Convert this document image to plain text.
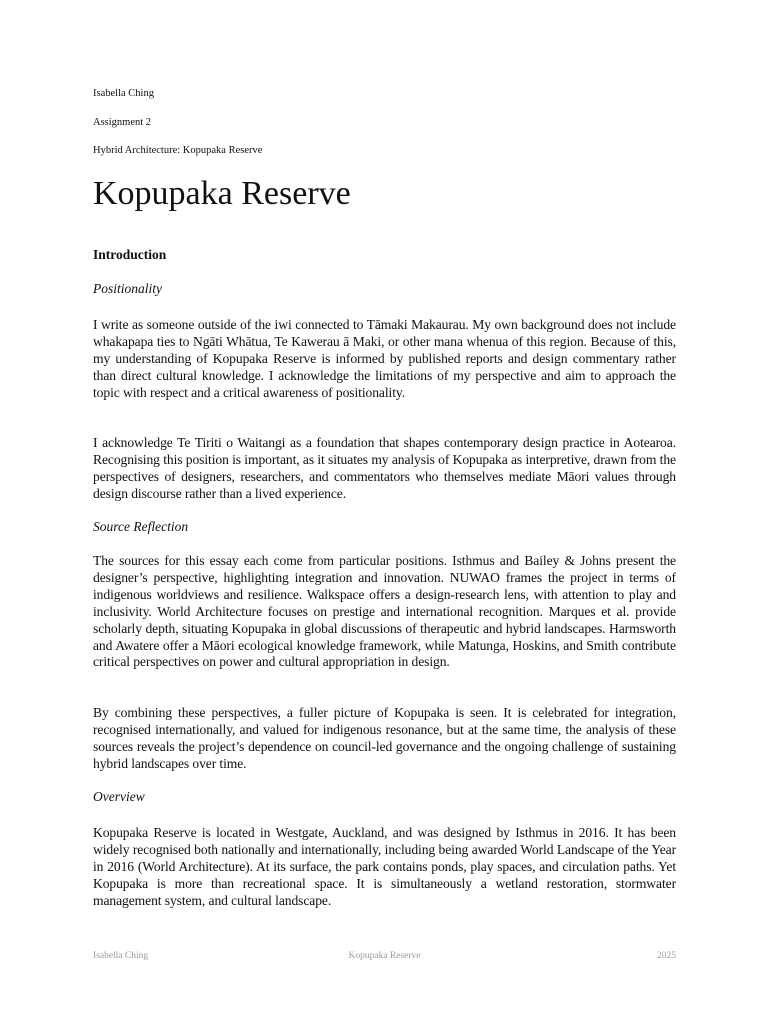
Isabella Ching
Assignment 2
Hybrid Architecture: Kopupaka Reserve
Kopupaka Reserve
Introduction
Positionality

I write as someone outside of the iwi connected to Tāmaki Makaurau. My own background does not include whakapapa ties to Ngāti Whātua, Te Kawerau ā Maki, or other mana whenua of this region. Because of this, my understanding of Kopupaka Reserve is informed by published reports and design commentary rather than direct cultural knowledge. I acknowledge the limitations of my perspective and aim to approach the topic with respect and a critical awareness of positionality.

I acknowledge Te Tiriti o Waitangi as a foundation that shapes contemporary design practice in Aotearoa. Recognising this position is important, as it situates my analysis of Kopupaka as interpretive, drawn from the perspectives of designers, researchers, and commentators who themselves mediate Māori values through design discourse rather than a lived experience.

Source Reflection

The sources for this essay each come from particular positions. Isthmus and Bailey & Johns present the designer’s perspective, highlighting integration and innovation. NUWAO frames the project in terms of indigenous worldviews and resilience. Walkspace offers a design-research lens, with attention to play and inclusivity. World Architecture focuses on prestige and international recognition. Marques et al. provide scholarly depth, situating Kopupaka in global discussions of therapeutic and hybrid landscapes. Harmsworth and Awatere offer a Māori ecological knowledge framework, while Matunga, Hoskins, and Smith contribute critical perspectives on power and cultural appropriation in design.

By combining these perspectives, a fuller picture of Kopupaka is seen. It is celebrated for integration, recognised internationally, and valued for indigenous resonance, but at the same time, the analysis of these sources reveals the project’s dependence on council-led governance and the ongoing challenge of sustaining hybrid landscapes over time.

Overview

Kopupaka Reserve is located in Westgate, Auckland, and was designed by Isthmus in 2016. It has been widely recognised both nationally and internationally, including being awarded World Landscape of the Year in 2016 (World Architecture). At its surface, the park contains ponds, play spaces, and circulation paths. Yet Kopupaka is more than recreational space. It is simultaneously a wetland restoration, stormwater management system, and cultural landscape.

Isabella Ching	Kopupaka Reserve	2025
